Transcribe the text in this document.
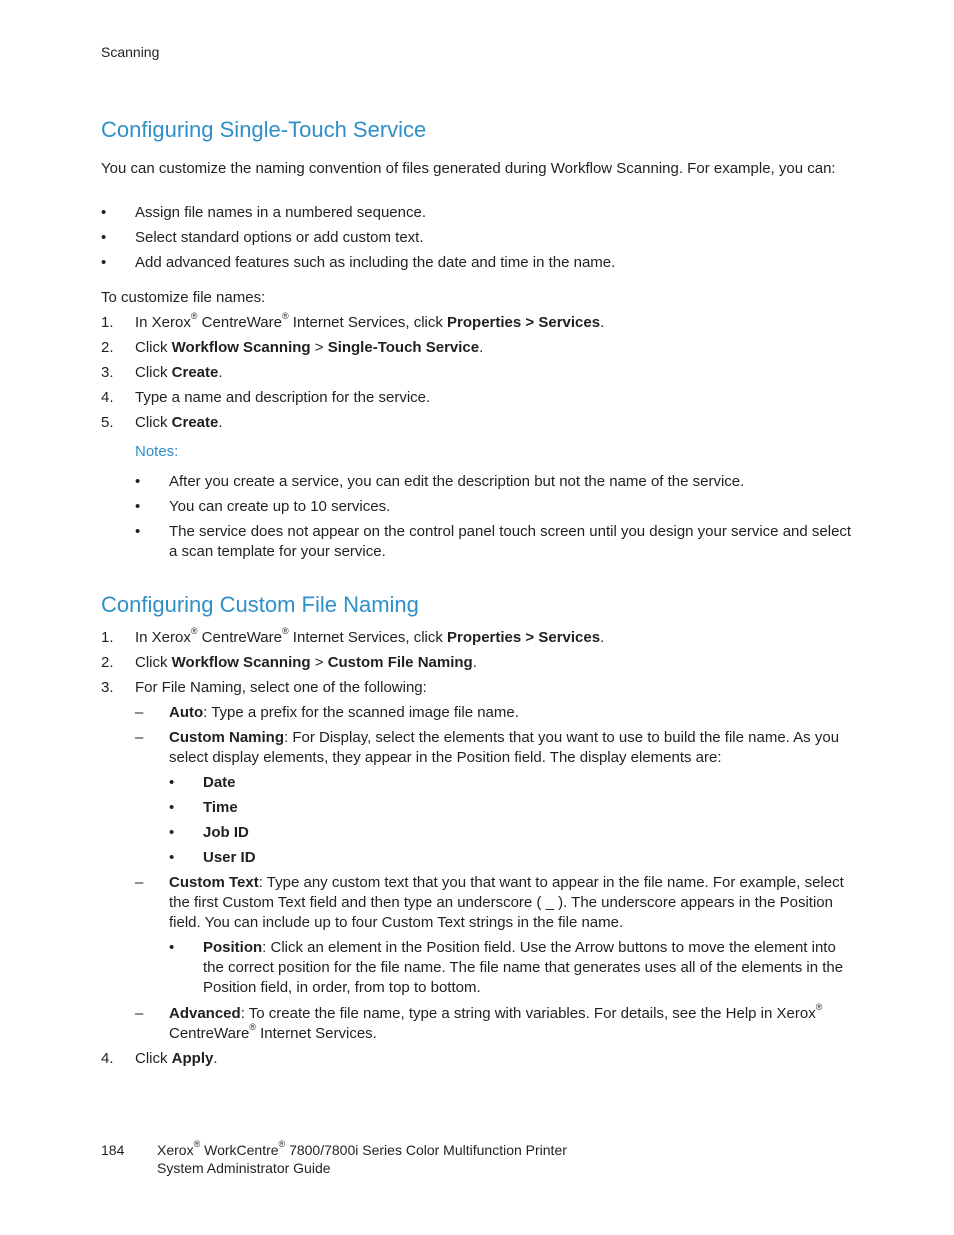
Scanning
Configuring Single-Touch Service

You can customize the naming convention of files generated during Workflow Scanning. For example, you can:

•	Assign file names in a numbered sequence.
•	Select standard options or add custom text.
•	Add advanced features such as including the date and time in the name.

To customize file names:

1.	In Xerox® CentreWare® Internet Services, click Properties > Services.
2.	Click Workflow Scanning > Single-Touch Service.
3.	Click Create.
4.	Type a name and description for the service.
5.	Click Create.
Notes:
•	After you create a service, you can edit the description but not the name of the service.
•	You can create up to 10 services.
•	The service does not appear on the control panel touch screen until you design your service and select a scan template for your service.
Configuring Custom File Naming
1.	In Xerox® CentreWare® Internet Services, click Properties > Services.
2.	Click Workflow Scanning > Custom File Naming.
3.	For File Naming, select one of the following:
–	Auto: Type a prefix for the scanned image file name.
–	Custom Naming: For Display, select the elements that you want to use to build the file name. As you select display elements, they appear in the Position field. The display elements are:
•	Date
•	Time
•	Job ID
•	User ID
–	Custom Text: Type any custom text that you that want to appear in the file name. For example, select the first Custom Text field and then type an underscore ( _ ). The underscore appears in the Position field. You can include up to four Custom Text strings in the file name.
•	Position: Click an element in the Position field. Use the Arrow buttons to move the element into the correct position for the file name. The file name that generates uses all of the elements in the Position field, in order, from top to bottom.
–	Advanced: To create the file name, type a string with variables. For details, see the Help in Xerox® CentreWare® Internet Services.
4.	Click Apply.
184 Xerox® WorkCentre® 7800/7800i Series Color Multifunction Printer
System Administrator Guide
